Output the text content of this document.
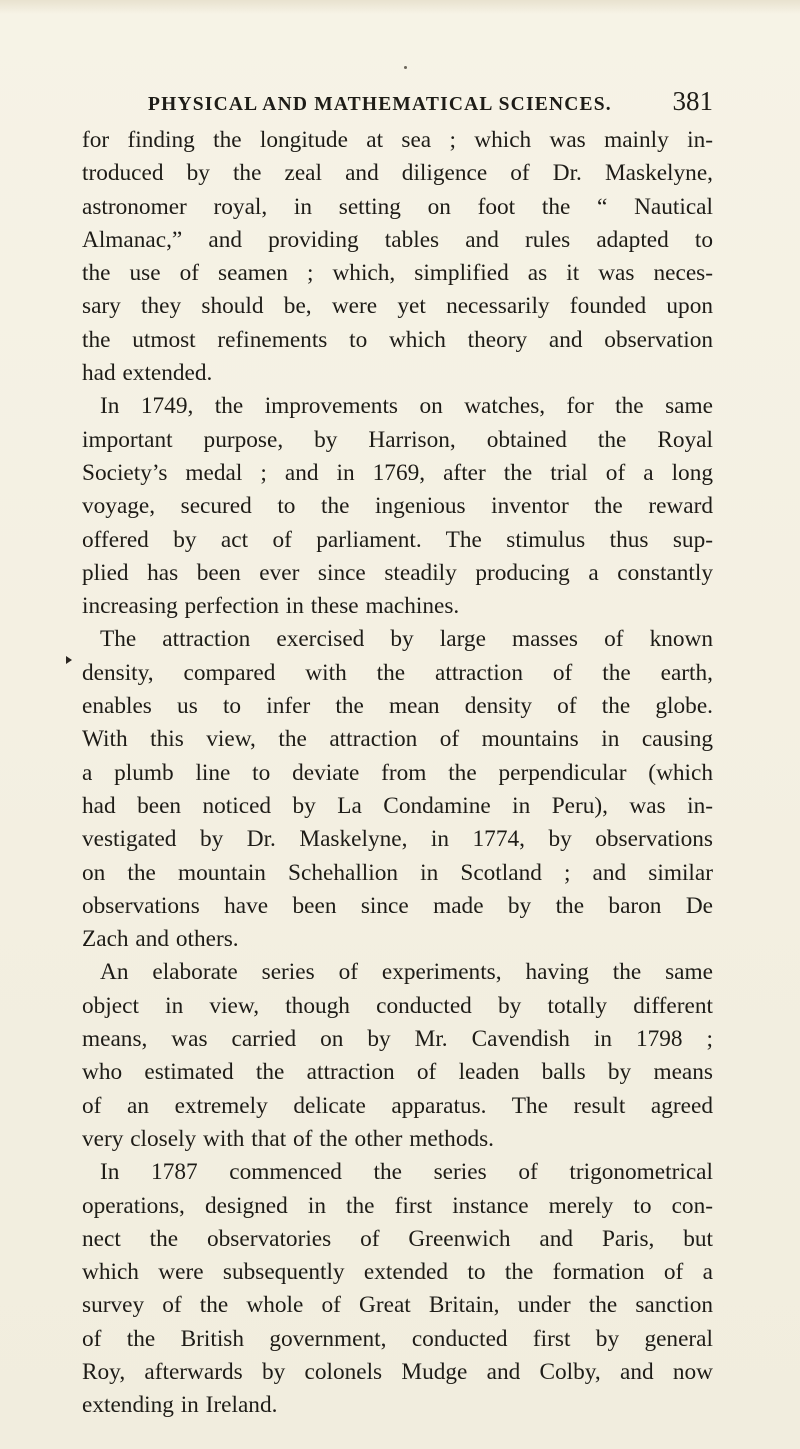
PHYSICAL AND MATHEMATICAL SCIENCES. 381
for finding the longitude at sea ; which was mainly in-
troduced by the zeal and diligence of Dr. Maskelyne,
astronomer royal, in setting on foot the “ Nautical
Almanac,” and providing tables and rules adapted to
the use of seamen ; which, simplified as it was neces-
sary they should be, were yet necessarily founded upon
the utmost refinements to which theory and observation
had extended.
In 1749, the improvements on watches, for the same
important purpose, by Harrison, obtained the Royal
Society’s medal ; and in 1769, after the trial of a long
voyage, secured to the ingenious inventor the reward
offered by act of parliament. The stimulus thus sup-
plied has been ever since steadily producing a constantly
increasing perfection in these machines.
The attraction exercised by large masses of known
density, compared with the attraction of the earth,
enables us to infer the mean density of the globe.
With this view, the attraction of mountains in causing
a plumb line to deviate from the perpendicular (which
had been noticed by La Condamine in Peru), was in-
vestigated by Dr. Maskelyne, in 1774, by observations
on the mountain Schehallion in Scotland ; and similar
observations have been since made by the baron De
Zach and others.
An elaborate series of experiments, having the same
object in view, though conducted by totally different
means, was carried on by Mr. Cavendish in 1798 ;
who estimated the attraction of leaden balls by means
of an extremely delicate apparatus. The result agreed
very closely with that of the other methods.
In 1787 commenced the series of trigonometrical
operations, designed in the first instance merely to con-
nect the observatories of Greenwich and Paris, but
which were subsequently extended to the formation of a
survey of the whole of Great Britain, under the sanction
of the British government, conducted first by general
Roy, afterwards by colonels Mudge and Colby, and now
extending in Ireland.
